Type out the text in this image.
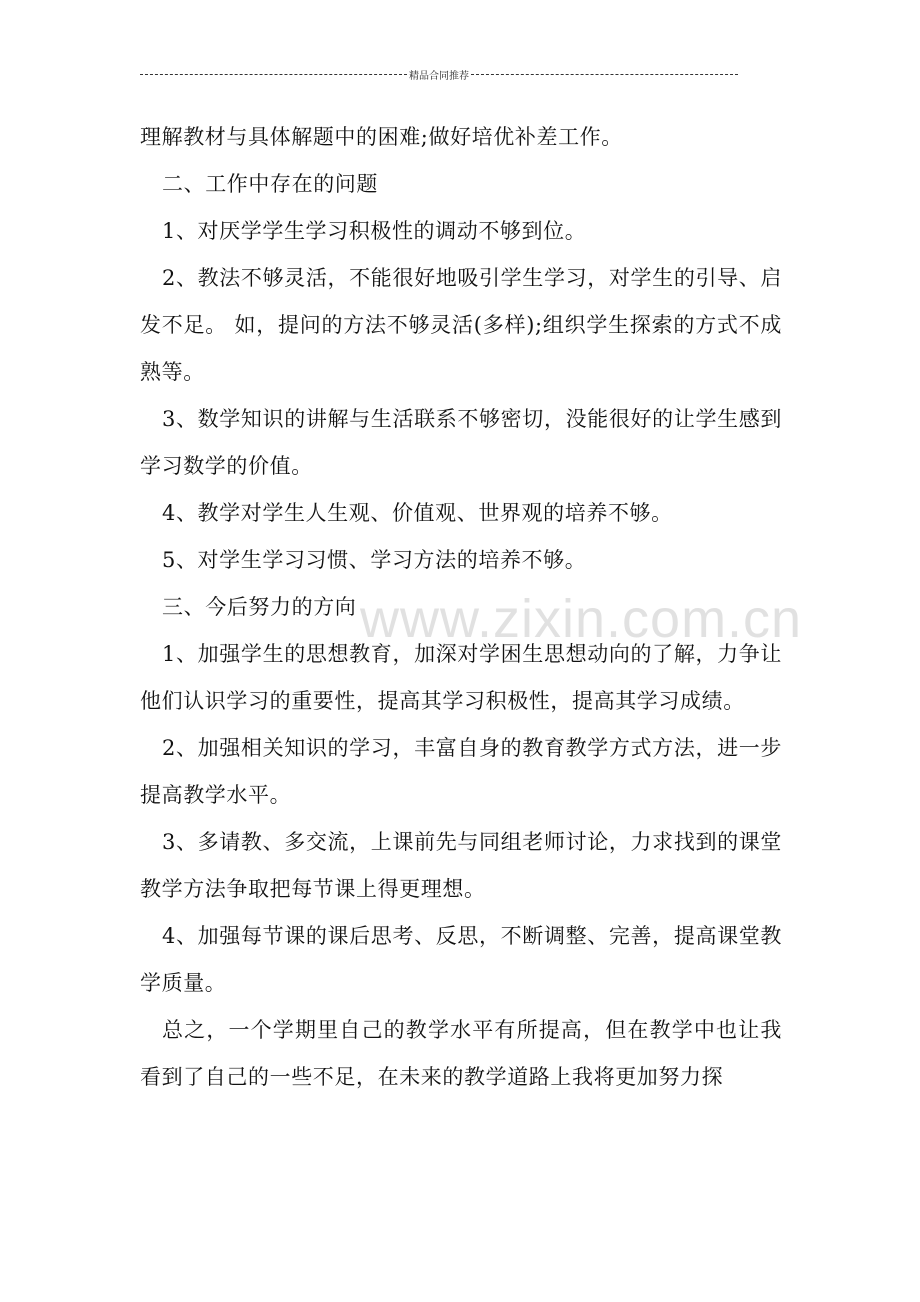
精品合同推荐
www.zixin.com.cn

理解教材与具体解题中的困难;做好培优补差工作。

二、工作中存在的问题

1、对厌学学生学习积极性的调动不够到位。

2、教法不够灵活，不能很好地吸引学生学习，对学生的引导、启发不足。 如，提问的方法不够灵活(多样);组织学生探索的方式不成熟等。

3、数学知识的讲解与生活联系不够密切，没能很好的让学生感到学习数学的价值。

4、教学对学生人生观、价值观、世界观的培养不够。

5、对学生学习习惯、学习方法的培养不够。

三、今后努力的方向

1、加强学生的思想教育，加深对学困生思想动向的了解，力争让他们认识学习的重要性，提高其学习积极性，提高其学习成绩。

2、加强相关知识的学习，丰富自身的教育教学方式方法，进一步提高教学水平。

3、多请教、多交流，上课前先与同组老师讨论，力求找到的课堂教学方法争取把每节课上得更理想。

4、加强每节课的课后思考、反思，不断调整、完善，提高课堂教学质量。

总之，一个学期里自己的教学水平有所提高，但在教学中也让我看到了自己的一些不足，在未来的教学道路上我将更加努力探
